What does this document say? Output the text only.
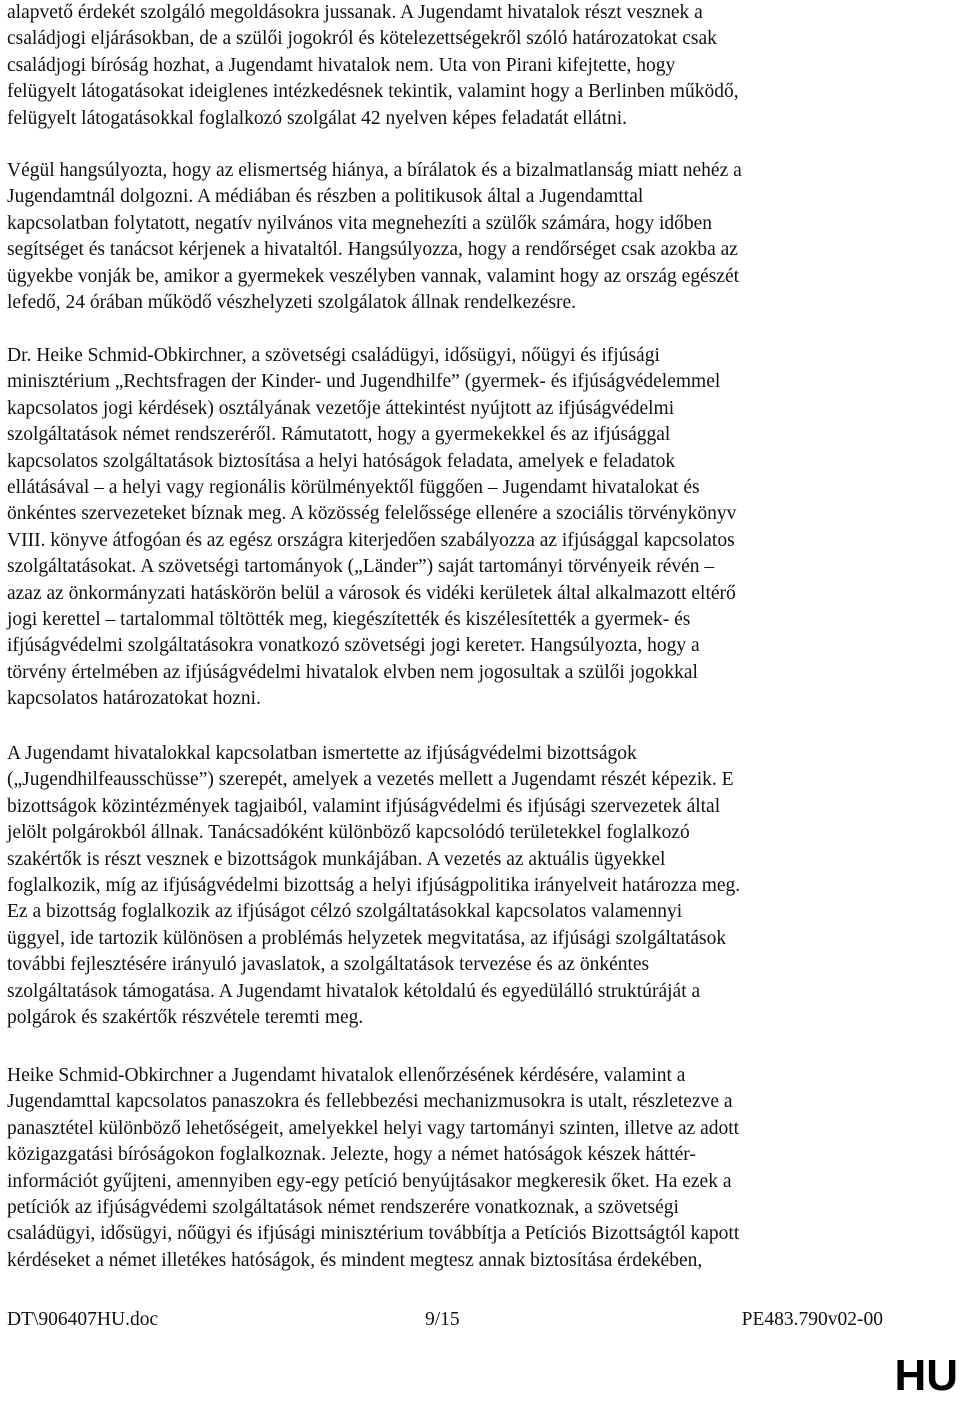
alapvető érdekét szolgáló megoldásokra jussanak. A Jugendamt hivatalok részt vesznek a
családjogi eljárásokban, de a szülői jogokról és kötelezettségekről szóló határozatokat csak
családjogi bíróság hozhat, a Jugendamt hivatalok nem. Uta von Pirani kifejtette, hogy
felügyelt látogatásokat ideiglenes intézkedésnek tekintik, valamint hogy a Berlinben működő,
felügyelt látogatásokkal foglalkozó szolgálat 42 nyelven képes feladatát ellátni.

Végül hangsúlyozta, hogy az elismertség hiánya, a bírálatok és a bizalmatlanság miatt nehéz a
Jugendamtnál dolgozni. A médiában és részben a politikusok által a Jugendamttal
kapcsolatban folytatott, negatív nyilvános vita megnehezíti a szülők számára, hogy időben
segítséget és tanácsot kérjenek a hivataltól. Hangsúlyozza, hogy a rendőrséget csak azokba az
ügyekbe vonják be, amikor a gyermekek veszélyben vannak, valamint hogy az ország egészét
lefedő, 24 órában működő vészhelyzeti szolgálatok állnak rendelkezésre.

Dr. Heike Schmid-Obkirchner, a szövetségi családügyi, idősügyi, nőügyi és ifjúsági
minisztérium „Rechtsfragen der Kinder- und Jugendhilfe” (gyermek- és ifjúságvédelemmel
kapcsolatos jogi kérdések) osztályának vezetője áttekintést nyújtott az ifjúságvédelmi
szolgáltatások német rendszeréről. Rámutatott, hogy a gyermekekkel és az ifjúsággal
kapcsolatos szolgáltatások biztosítása a helyi hatóságok feladata, amelyek e feladatok
ellátásával – a helyi vagy regionális körülményektől függően – Jugendamt hivatalokat és
önkéntes szervezeteket bíznak meg. A közösség felelőssége ellenére a szociális törvénykönyv
VIII. könyve átfogóan és az egész országra kiterjedően szabályozza az ifjúsággal kapcsolatos
szolgáltatásokat. A szövetségi tartományok („Länder”) saját tartományi törvényeik révén –
azaz az önkormányzati hatáskörön belül a városok és vidéki kerületek által alkalmazott eltérő
jogi kerettel – tartalommal töltötték meg, kiegészítették és kiszélesítették a gyermek- és
ifjúságvédelmi szolgáltatásokra vonatkozó szövetségi jogi kereteт. Hangsúlyozta, hogy a
törvény értelmében az ifjúságvédelmi hivatalok elvben nem jogosultak a szülői jogokkal
kapcsolatos határozatokat hozni.

A Jugendamt hivatalokkal kapcsolatban ismertette az ifjúságvédelmi bizottságok
(„Jugendhilfeausschüsse”) szerepét, amelyek a vezetés mellett a Jugendamt részét képezik. E
bizottságok közintézmények tagjaiból, valamint ifjúságvédelmi és ifjúsági szervezetek által
jelölt polgárokból állnak. Tanácsadóként különböző kapcsolódó területekkel foglalkozó
szakértők is részt vesznek e bizottságok munkájában. A vezetés az aktuális ügyekkel
foglalkozik, míg az ifjúságvédelmi bizottság a helyi ifjúságpolitika irányelveit határozza meg.
Ez a bizottság foglalkozik az ifjúságot célzó szolgáltatásokkal kapcsolatos valamennyi
üggyel, ide tartozik különösen a problémás helyzetek megvitatása, az ifjúsági szolgáltatások
további fejlesztésére irányuló javaslatok, a szolgáltatások tervezése és az önkéntes
szolgáltatások támogatása. A Jugendamt hivatalok kétoldalú és egyedülálló struktúráját a
polgárok és szakértők részvétele teremti meg.

Heike Schmid-Obkirchner a Jugendamt hivatalok ellenőrzésének kérdésére, valamint a
Jugendamttal kapcsolatos panaszokra és fellebbezési mechanizmusokra is utalt, részletezve a
panasztétel különböző lehetőségeit, amelyekkel helyi vagy tartományi szinten, illetve az adott
közigazgatási bíróságokon foglalkoznak. Jelezte, hogy a német hatóságok készek háttér-
információt gyűjteni, amennyiben egy-egy petíció benyújtásakor megkeresik őket. Ha ezek a
petíciók az ifjúságvédemi szolgáltatások német rendszerére vonatkoznak, a szövetségi
családügyi, idősügyi, nőügyi és ifjúsági minisztérium továbbítja a Petíciós Bizottságtól kapott
kérdéseket a német illetékes hatóságok, és mindent megtesz annak biztosítása érdekében,

DT\906407HU.doc	9/15	PE483.790v02-00
HU
